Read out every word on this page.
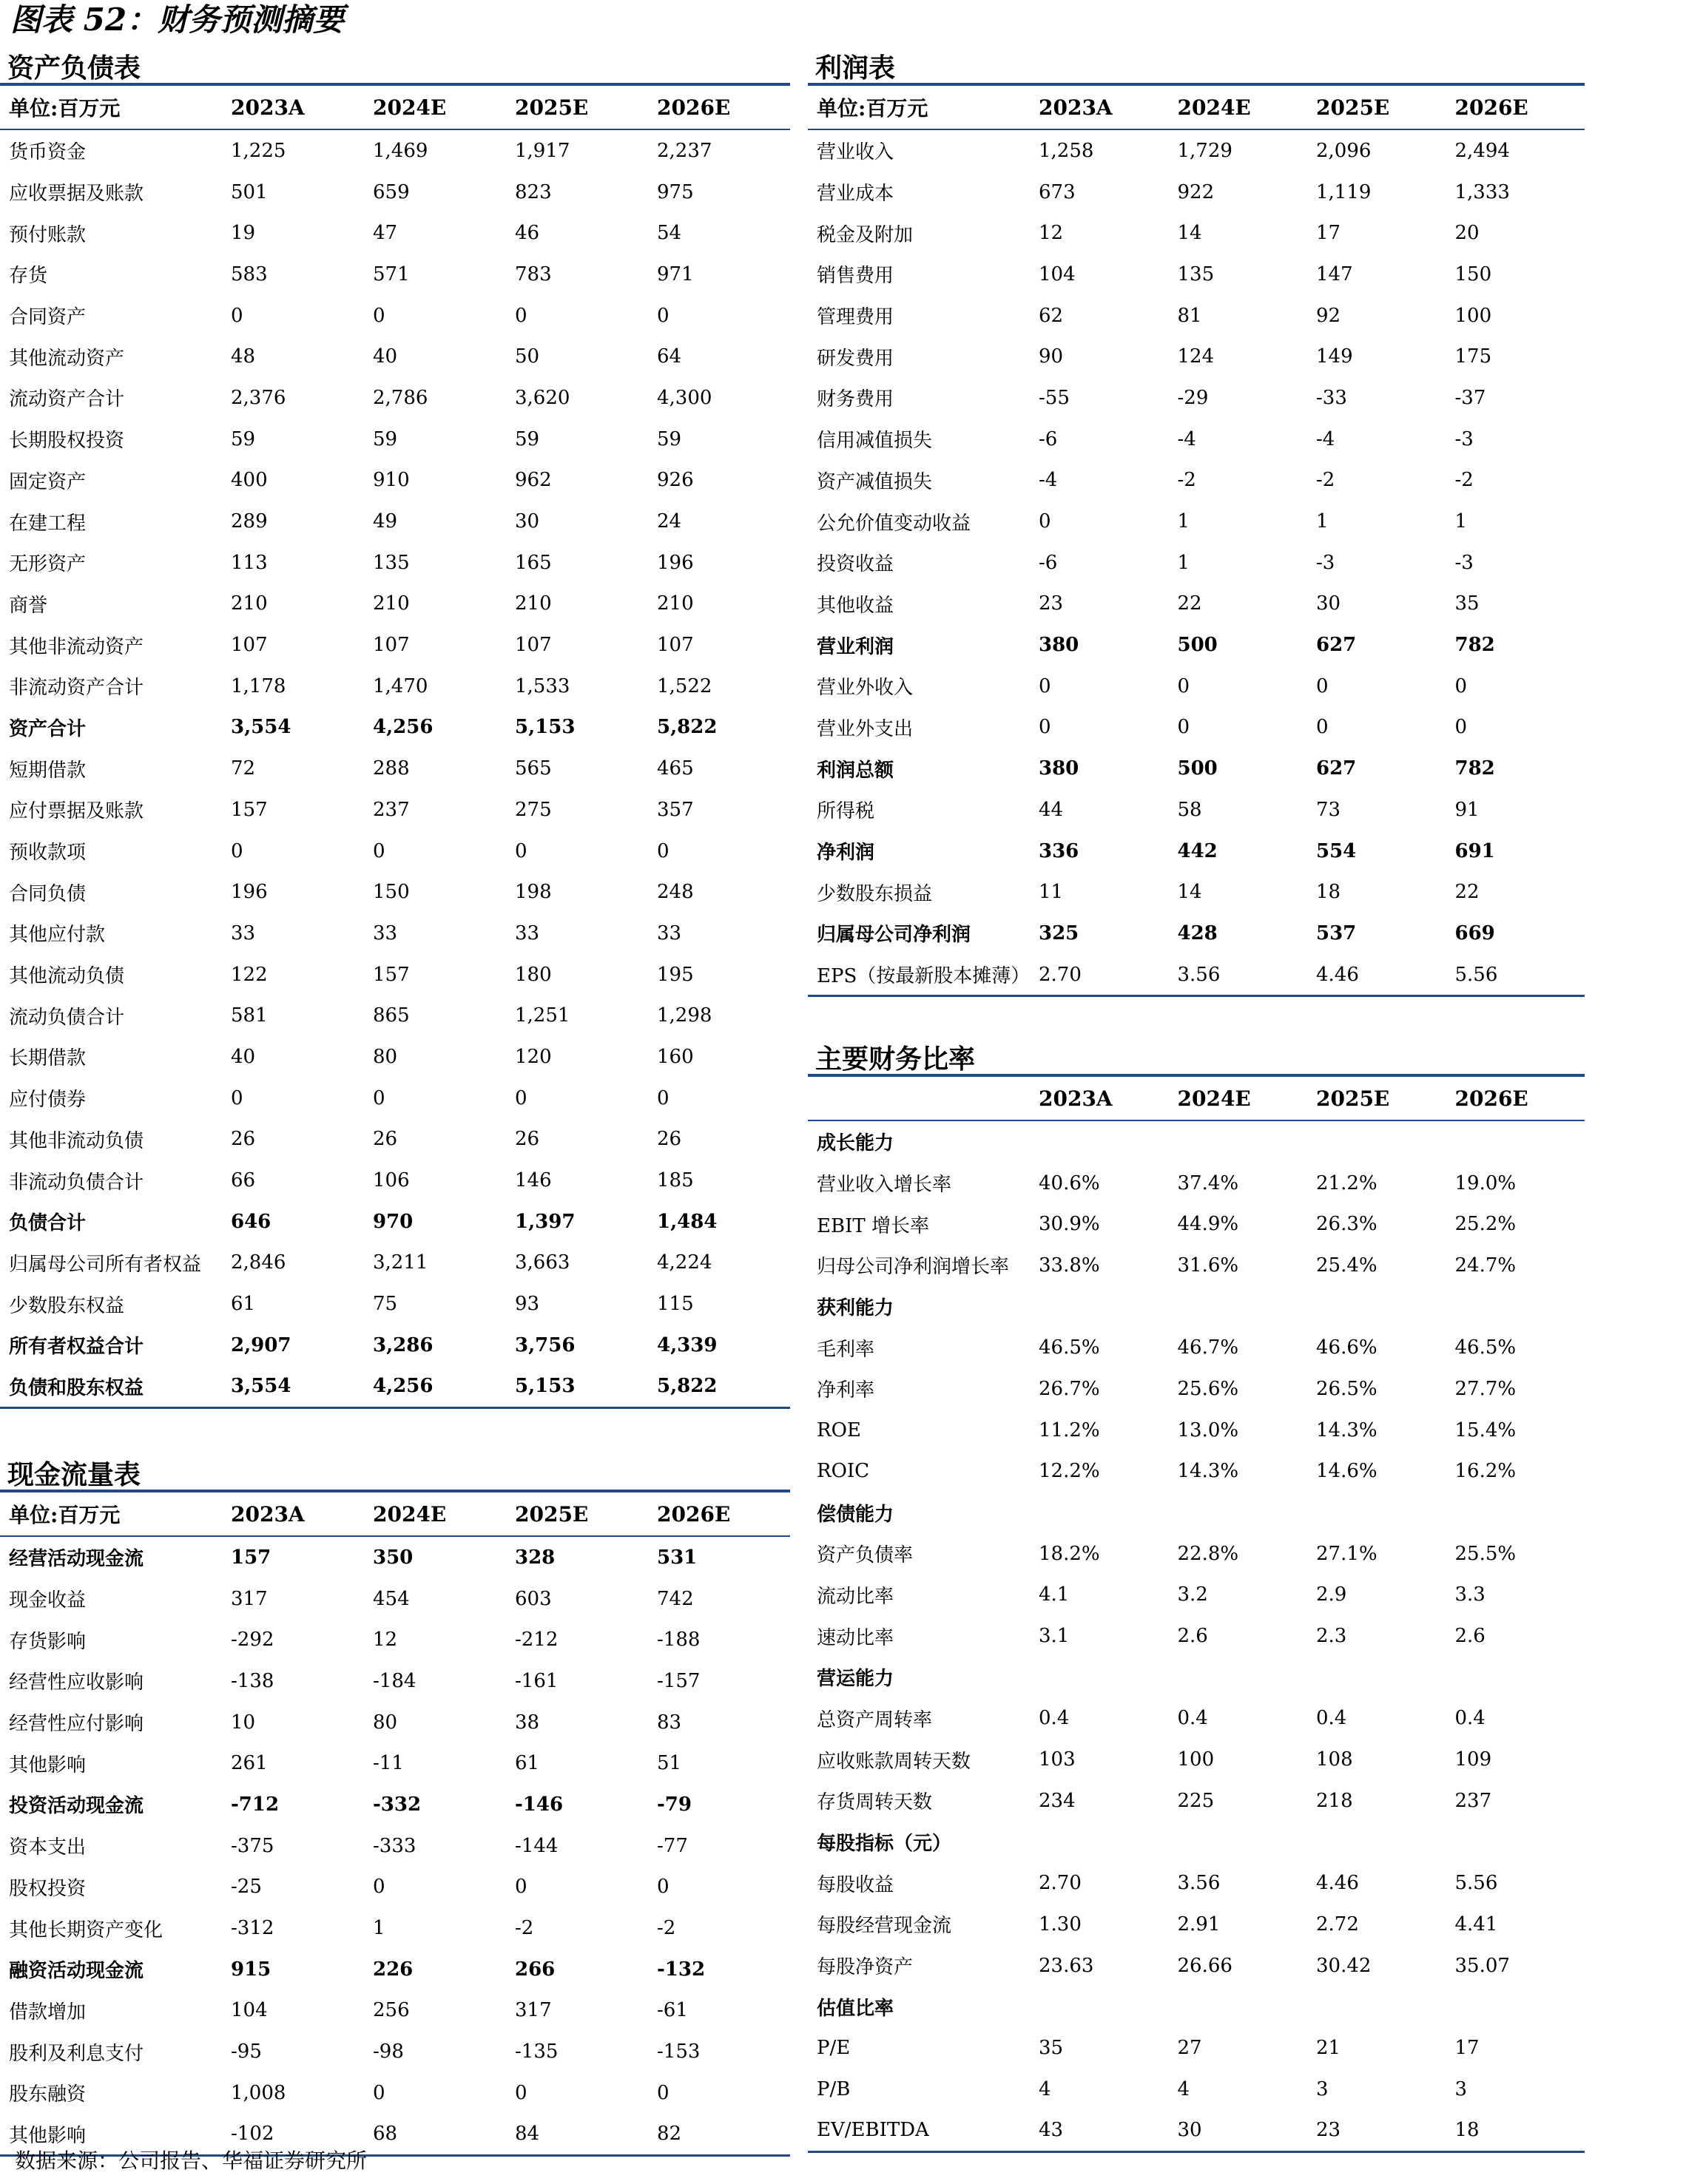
图表 52：财务预测摘要
资产负债表
单位:百万元	2023A	2024E	2025E	2026E
货币资金	1,225	1,469	1,917	2,237
应收票据及账款	501	659	823	975
预付账款	19	47	46	54
存货	583	571	783	971
合同资产	0	0	0	0
其他流动资产	48	40	50	64
流动资产合计	2,376	2,786	3,620	4,300
长期股权投资	59	59	59	59
固定资产	400	910	962	926
在建工程	289	49	30	24
无形资产	113	135	165	196
商誉	210	210	210	210
其他非流动资产	107	107	107	107
非流动资产合计	1,178	1,470	1,533	1,522
资产合计	3,554	4,256	5,153	5,822
短期借款	72	288	565	465
应付票据及账款	157	237	275	357
预收款项	0	0	0	0
合同负债	196	150	198	248
其他应付款	33	33	33	33
其他流动负债	122	157	180	195
流动负债合计	581	865	1,251	1,298
长期借款	40	80	120	160
应付债券	0	0	0	0
其他非流动负债	26	26	26	26
非流动负债合计	66	106	146	185
负债合计	646	970	1,397	1,484
归属母公司所有者权益	2,846	3,211	3,663	4,224
少数股东权益	61	75	93	115
所有者权益合计	2,907	3,286	3,756	4,339
负债和股东权益	3,554	4,256	5,153	5,822
现金流量表
单位:百万元	2023A	2024E	2025E	2026E
经营活动现金流	157	350	328	531
现金收益	317	454	603	742
存货影响	-292	12	-212	-188
经营性应收影响	-138	-184	-161	-157
经营性应付影响	10	80	38	83
其他影响	261	-11	61	51
投资活动现金流	-712	-332	-146	-79
资本支出	-375	-333	-144	-77
股权投资	-25	0	0	0
其他长期资产变化	-312	1	-2	-2
融资活动现金流	915	226	266	-132
借款增加	104	256	317	-61
股利及利息支付	-95	-98	-135	-153
股东融资	1,008	0	0	0
其他影响	-102	68	84	82
利润表
单位:百万元	2023A	2024E	2025E	2026E
营业收入	1,258	1,729	2,096	2,494
营业成本	673	922	1,119	1,333
税金及附加	12	14	17	20
销售费用	104	135	147	150
管理费用	62	81	92	100
研发费用	90	124	149	175
财务费用	-55	-29	-33	-37
信用减值损失	-6	-4	-4	-3
资产减值损失	-4	-2	-2	-2
公允价值变动收益	0	1	1	1
投资收益	-6	1	-3	-3
其他收益	23	22	30	35
营业利润	380	500	627	782
营业外收入	0	0	0	0
营业外支出	0	0	0	0
利润总额	380	500	627	782
所得税	44	58	73	91
净利润	336	442	554	691
少数股东损益	11	14	18	22
归属母公司净利润	325	428	537	669
EPS（按最新股本摊薄）	2.70	3.56	4.46	5.56
主要财务比率
	2023A	2024E	2025E	2026E
成长能力				
营业收入增长率	40.6%	37.4%	21.2%	19.0%
EBIT 增长率	30.9%	44.9%	26.3%	25.2%
归母公司净利润增长率	33.8%	31.6%	25.4%	24.7%
获利能力				
毛利率	46.5%	46.7%	46.6%	46.5%
净利率	26.7%	25.6%	26.5%	27.7%
ROE	11.2%	13.0%	14.3%	15.4%
ROIC	12.2%	14.3%	14.6%	16.2%
偿债能力				
资产负债率	18.2%	22.8%	27.1%	25.5%
流动比率	4.1	3.2	2.9	3.3
速动比率	3.1	2.6	2.3	2.6
营运能力				
总资产周转率	0.4	0.4	0.4	0.4
应收账款周转天数	103	100	108	109
存货周转天数	234	225	218	237
每股指标（元）				
每股收益	2.70	3.56	4.46	5.56
每股经营现金流	1.30	2.91	2.72	4.41
每股净资产	23.63	26.66	30.42	35.07
估值比率				
P/E	35	27	21	17
P/B	4	4	3	3
EV/EBITDA	43	30	23	18
数据来源：公司报告、华福证券研究所
